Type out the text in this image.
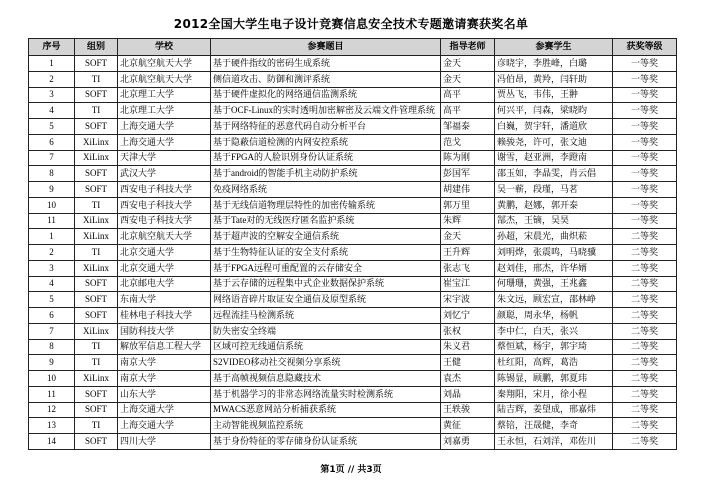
2012全国大学生电子设计竞赛信息安全技术专题邀请赛获奖名单
序号	组别	学校	参赛题目	指导老师	参赛学生	获奖等级
1	SOFT	北京航空航天大学	基于硬件指纹的密码生成系统	金天	彦晓宇，李胜峰，白璐	一等奖
2	TI	北京航空航天大学	侧信道攻击、防御和测评系统	金天	冯伯昂，黄羚，闫轩助	一等奖
3	SOFT	北京理工大学	基于硬件虚拟化的网络通信监测系统	高平	贾丛飞，韦伟，王翀	一等奖
4	TI	北京理工大学	基于OCF-Linux的实时透明加密解密及云端文件管理系统	高平	何兴平，闫森，梁晓昀	一等奖
5	SOFT	上海交通大学	基于网络特征的恶意代码自动分析平台	邹福泰	白巍，贺宇轩，潘道欣	一等奖
6	XiLinx	上海交通大学	基于隐蔽信道检测的内网安控系统	范戈	赖骏尧，许可，张文迪	一等奖
7	XiLinx	天津大学	基于FPGA的人脸识别身份认证系统	陈为刚	谢雪，赵亚洲，李蹬南	一等奖
8	SOFT	武汉大学	基于android的智能手机主动防护系统	彭国军	邵玉如，李晶雯，肖云倡	一等奖
9	SOFT	西安电子科技大学	免疫网络系统	胡建伟	吴一蕲，段瑾，马茗	一等奖
10	TI	西安电子科技大学	基于无线信道物理层特性的加密传输系统	郭万里	黄鹏，赵娜，郭开泰	一等奖
11	XiLinx	西安电子科技大学	基于Tate对的无线医疗匿名监护系统	朱辉	郜杰，王镝，吴昊	一等奖
1	XiLinx	北京航空航天大学	基于超声波的空解安全通信系统	金天	孙超，宋晨光，曲炽菘	二等奖
2	TI	北京交通大学	基于生物特征认证的安全支付系统	王升辉	刘明烨，张震鸣，马晓骥	二等奖
3	XiLinx	北京交通大学	基于FPGA远程可重配置的云存储安全	张志飞	赵刘佳，邢杰，许华婿	二等奖
4	SOFT	北京邮电大学	基于云存储的远程集中式企业数据保护系统	崔宝江	何珊珊，黄强，王兆鑫	二等奖
5	SOFT	东南大学	网络语音碎片取证安全通信及原型系统	宋宇波	朱文远，顾宏宣，邵林峥	二等奖
6	SOFT	桂林电子科技大学	远程流挂马检测系统	刘忆宁	颜聪，周永华，杨帆	二等奖
7	XiLinx	国防科技大学	防失密安全终端	张权	李中仁，白天，张兴	二等奖
8	TI	解放军信息工程大学	区域可控无线通信系统	朱义君	蔡恒斌，杨宇，郭宇琦	二等奖
9	TI	南京大学	S2VIDEO移动社交视频分享系统	王健	杜红阳，高辉，葛浩	二等奖
10	XiLinx	南京大学	基于高帧视频信息隐藏技术	袁杰	陈锡显，顾鹏，郭夏玮	二等奖
11	SOFT	山东大学	基于机器学习的非常态网络流量实时检测系统	刘晶	秦翔阳，宋月，徐小程	二等奖
12	SOFT	上海交通大学	MWACS恶意网站分析捕获系统	王轶骏	陆吉辉，姜望成，邢嘉炜	二等奖
13	TI	上海交通大学	主动智能视频监控系统	黄征	蔡锫，汪晟健，李奇	二等奖
14	SOFT	四川大学	基于身份特征的零存储身份认证系统	刘嘉勇	王永恒，石刘洋，邓佐川	二等奖
第1页 // 共3页
